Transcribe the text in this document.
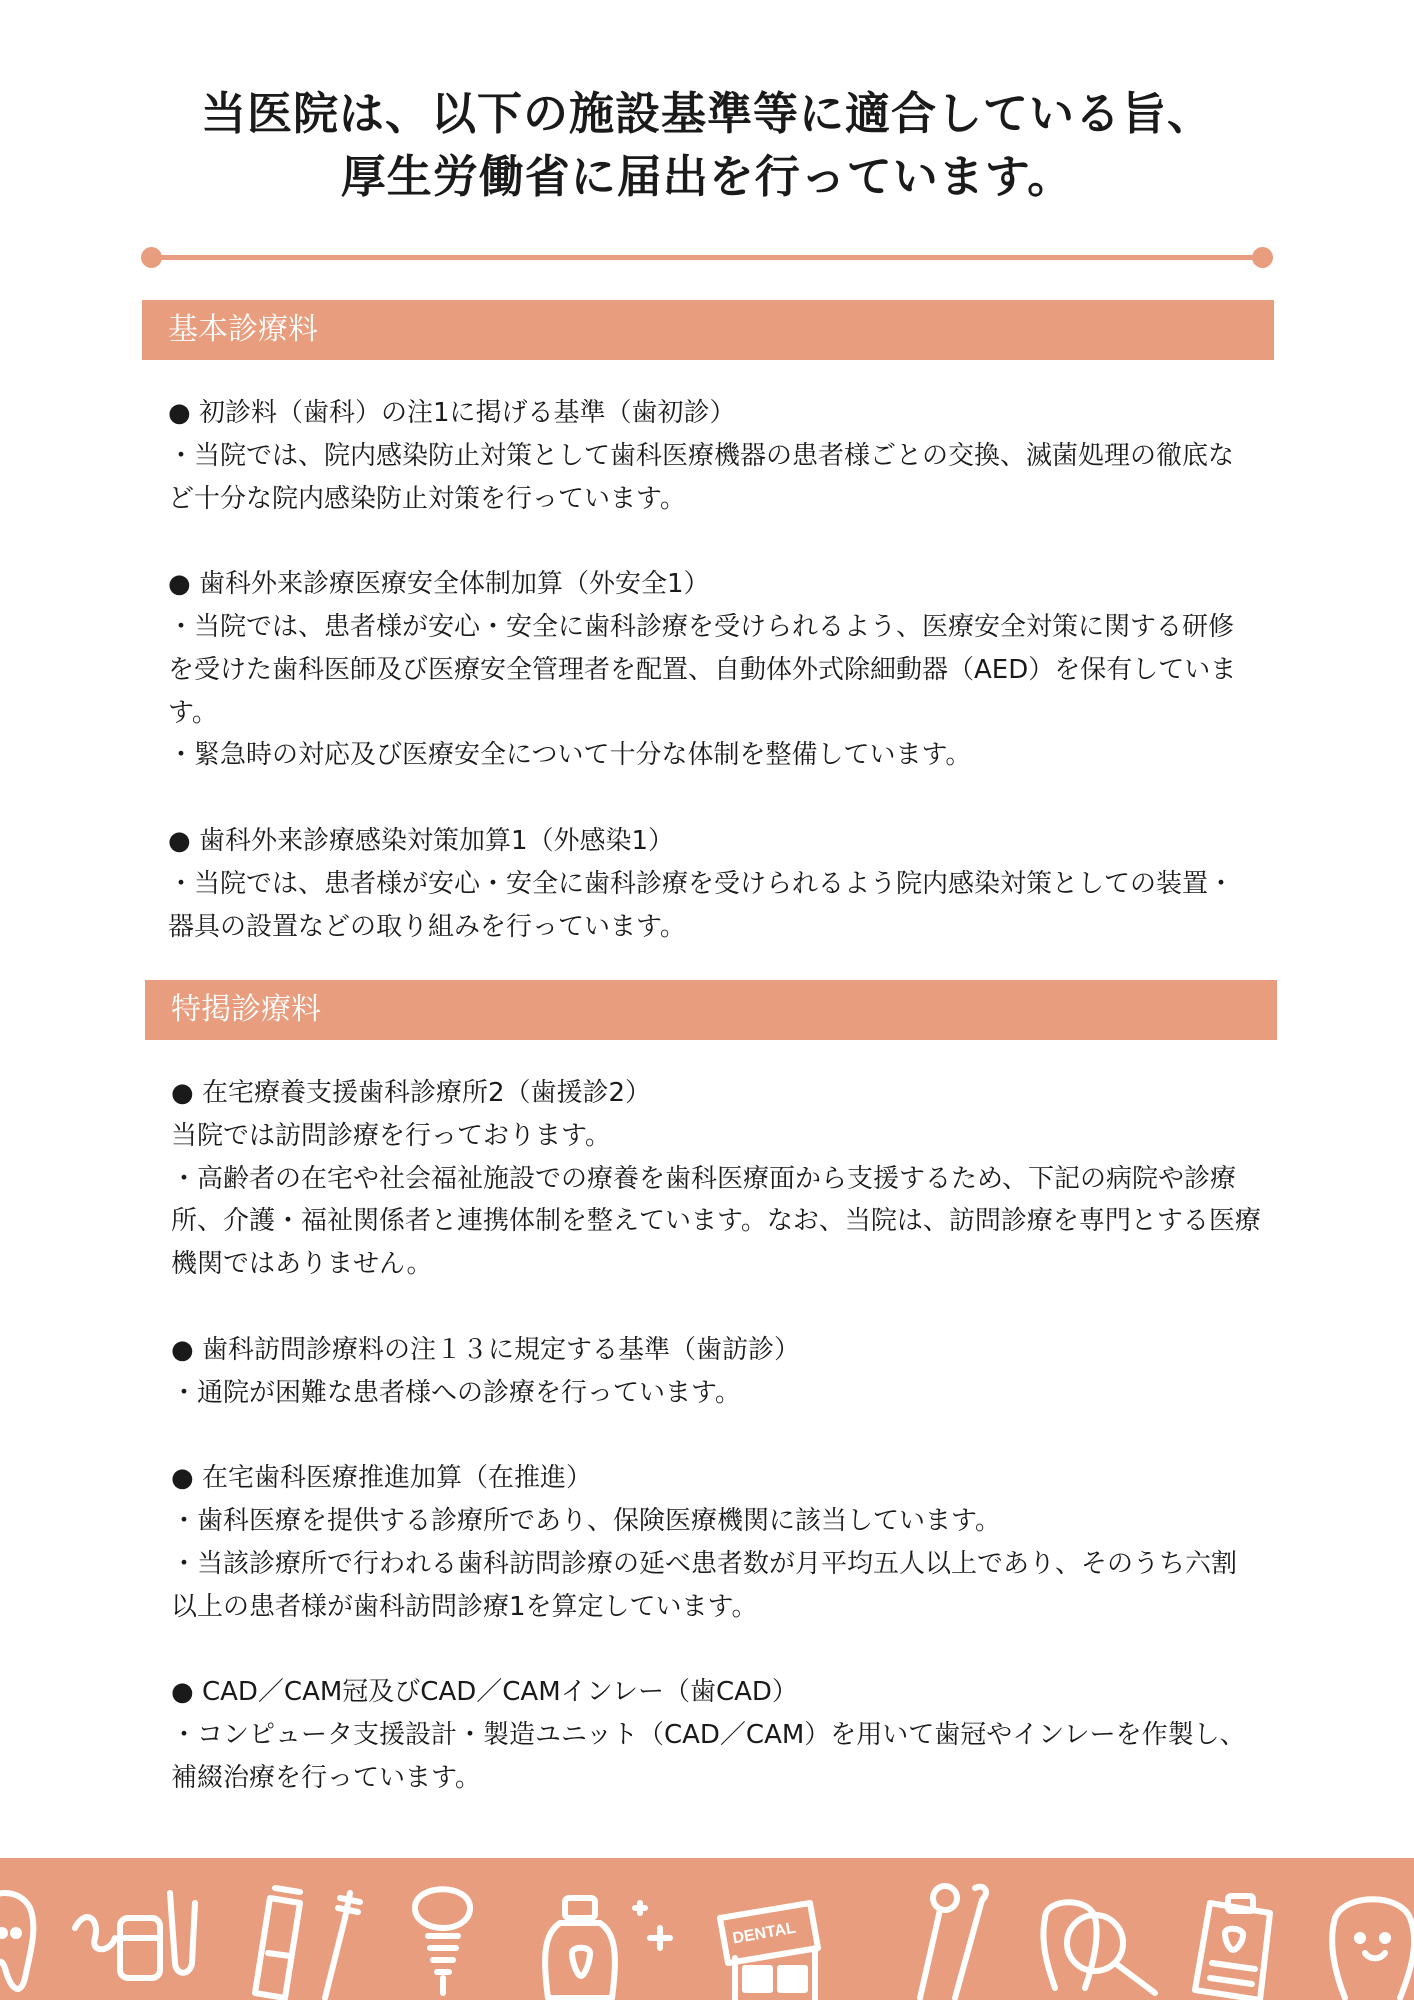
当医院は、以下の施設基準等に適合している旨、
厚生労働省に届出を行っています。
基本診療料

● 初診料（歯科）の注1に掲げる基準（歯初診）

・当院では、院内感染防止対策として歯科医療機器の患者様ごとの交換、滅菌処理の徹底など十分な院内感染防止対策を行っています。

● 歯科外来診療医療安全体制加算（外安全1）

・当院では、患者様が安心・安全に歯科診療を受けられるよう、医療安全対策に関する研修を受けた歯科医師及び医療安全管理者を配置、自動体外式除細動器（AED）を保有しています。

・緊急時の対応及び医療安全について十分な体制を整備しています。

● 歯科外来診療感染対策加算1（外感染1）

・当院では、患者様が安心・安全に歯科診療を受けられるよう院内感染対策としての装置・器具の設置などの取り組みを行っています。

特掲診療料

● 在宅療養支援歯科診療所2（歯援診2）

当院では訪問診療を行っております。

・高齢者の在宅や社会福祉施設での療養を歯科医療面から支援するため、下記の病院や診療所、介護・福祉関係者と連携体制を整えています。なお、当院は、訪問診療を専門とする医療機関ではありません。

● 歯科訪問診療料の注１３に規定する基準（歯訪診）

・通院が困難な患者様への診療を行っています。

● 在宅歯科医療推進加算（在推進）

・歯科医療を提供する診療所であり、保険医療機関に該当しています。

・当該診療所で行われる歯科訪問診療の延べ患者数が月平均五人以上であり、そのうち六割以上の患者様が歯科訪問診療1を算定しています。

● CAD／CAM冠及びCAD／CAMインレー（歯CAD）

・コンピュータ支援設計・製造ユニット（CAD／CAM）を用いて歯冠やインレーを作製し、補綴治療を行っています。

DENTAL
